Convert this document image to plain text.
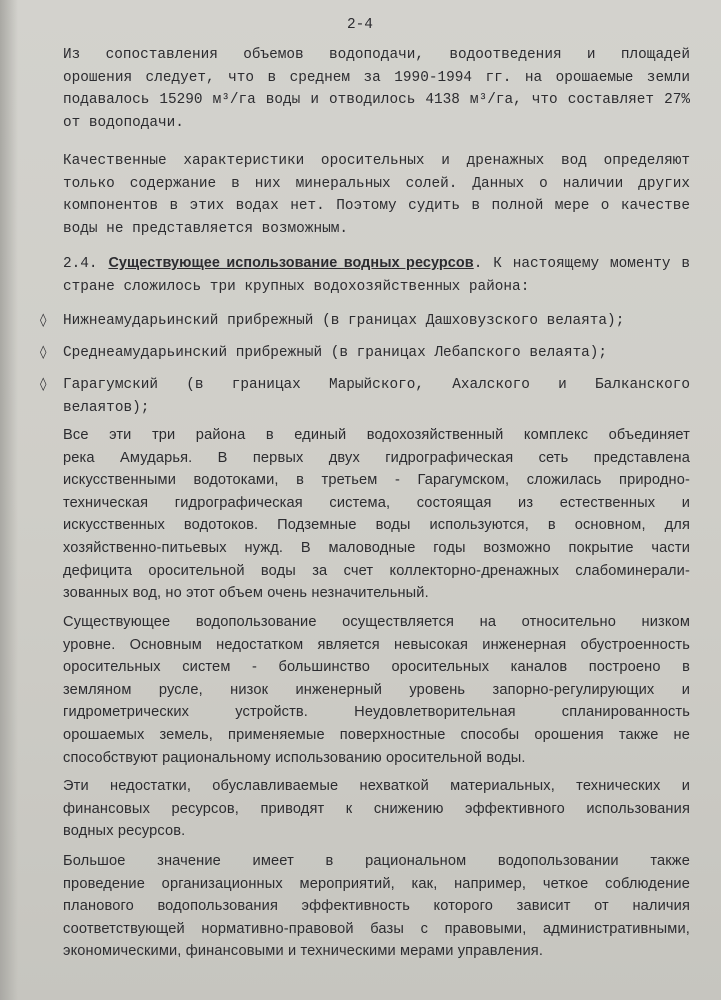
2-4
Из сопоставления объемов водоподачи, водоотведения и площадей
орошения следует, что в среднем за 1990-1994 гг. на орошаемые земли
подавалось 15290 м³/га воды и отводилось 4138 м³/га, что составляет 27%
от водоподачи.
Качественные характеристики оросительных и дренажных вод определяют
только содержание в них минеральных солей. Данных о наличии других
компонентов в этих водах нет. Поэтому судить в полной мере о качестве
воды не представляется возможным.
2.4. Существующее использование водных ресурсов. К настоящему моменту в
стране сложилось три крупных водохозяйственных района:
◊	Нижнеамударьинский прибрежный (в границах Дашховузского велаята);
◊	Среднеамударьинский прибрежный (в границах Лебапского велаята);
◊	Гарагумский (в границах Марыйского, Ахалского и Балканского
велаятов);
Все эти три района в единый водохозяйственный комплекс объединяет
река Амударья. В первых двух гидрографическая сеть представлена
искусственными водотоками, в третьем - Гарагумском, сложилась природно-
техническая гидрографическая система, состоящая из естественных и
искусственных водотоков. Подземные воды используются, в основном, для
хозяйственно-питьевых нужд. В маловодные годы возможно покрытие части
дефицита оросительной воды за счет коллекторно-дренажных слабоминерали-
зованных вод, но этот объем очень незначительный.
Существующее водопользование осуществляется на относительно низком
уровне. Основным недостатком является невысокая инженерная обустроенность
оросительных систем - большинство оросительных каналов построено в
земляном русле, низок инженерный уровень запорно-регулирующих и
гидрометрических устройств. Неудовлетворительная спланированность
орошаемых земель, применяемые поверхностные способы орошения также не
способствуют рациональному использованию оросительной воды.
Эти недостатки, обуславливаемые нехваткой материальных, технических и
финансовых ресурсов, приводят к снижению эффективного использования
водных ресурсов.
Большое значение имеет в рациональном водопользовании также
проведение организационных мероприятий, как, например, четкое соблюдение
планового водопользования эффективность которого зависит от наличия
соответствующей нормативно-правовой базы с правовыми, административными,
экономическими, финансовыми и техническими мерами управления.
